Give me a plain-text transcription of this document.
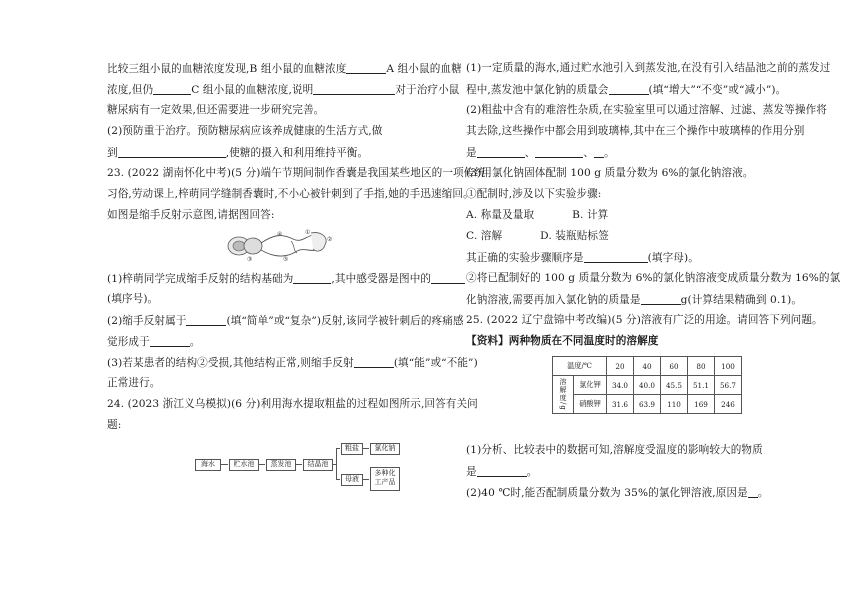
比较三组小鼠的血糖浓度发现,B 组小鼠的血糖浓度	A 组小鼠的血糖
浓度,但仍	C 组小鼠的血糖浓度,说明	对于治疗小鼠
糖尿病有一定效果,但还需要进一步研究完善。
(2)预防重于治疗。预防糖尿病应该养成健康的生活方式,做
到	,使糖的摄入和利用维持平衡。
23. (2022 湖南怀化中考)(5 分)端午节期间制作香囊是我国某些地区的一项传统
习俗,劳动课上,梓萌同学缝制香囊时,不小心被针刺到了手指,她的手迅速缩回。
如图是缩手反射示意图,请据图回答:
③
④	①
②
⑤
(1)梓萌同学完成缩手反射的结构基础为	,其中感受器是图中的
(填序号)。
(2)缩手反射属于	(填“简单”或“复杂”)反射,该同学被针刺后的疼痛感
觉形成于	。
(3)若某患者的结构②受损,其他结构正常,则缩手反射	(填“能”或“不能”)
正常进行。
24. (2023 浙江义乌模拟)(6 分)利用海水提取粗盐的过程如图所示,回答有关问
题:
海水	贮水池	蒸发池	结晶池
粗盐	氯化钠
母液
多种化
工产品
(1)一定质量的海水,通过贮水池引入到蒸发池,在没有引入结晶池之前的蒸发过
程中,蒸发池中氯化钠的质量会	(填“增大”“不变”或“减小”)。
(2)粗盐中含有的难溶性杂质,在实验室里可以通过溶解、过滤、蒸发等操作将
其去除,这些操作中都会用到玻璃棒,其中在三个操作中玻璃棒的作用分别
是	、	、 。
(3)用氯化钠固体配制 100 g 质量分数为 6%的氯化钠溶液。
①配制时,涉及以下实验步骤:
A. 称量及量取	B. 计算
C. 溶解	D. 装瓶贴标签
其正确的实验步骤顺序是	(填字母)。
②将已配制好的 100 g 质量分数为 6%的氯化钠溶液变成质量分数为 16%的氯
化钠溶液,需要再加入氯化钠的质量是	g(计算结果精确到 0.1)。
25. (2022 辽宁盘锦中考改编)(5 分)溶液有广泛的用途。请回答下列问题。
【资料】两种物质在不同温度时的溶解度
温度/℃		20	40	60	80	100
溶解度/g	氯化钾	34.0	40.0	45.5	51.1	56.7
	硝酸钾	31.6	63.9	110	169	246
(1)分析、比较表中的数据可知,溶解度受温度的影响较大的物质
是	。
(2)40 ℃时,能否配制质量分数为 35%的氯化钾溶液,原因是 。
